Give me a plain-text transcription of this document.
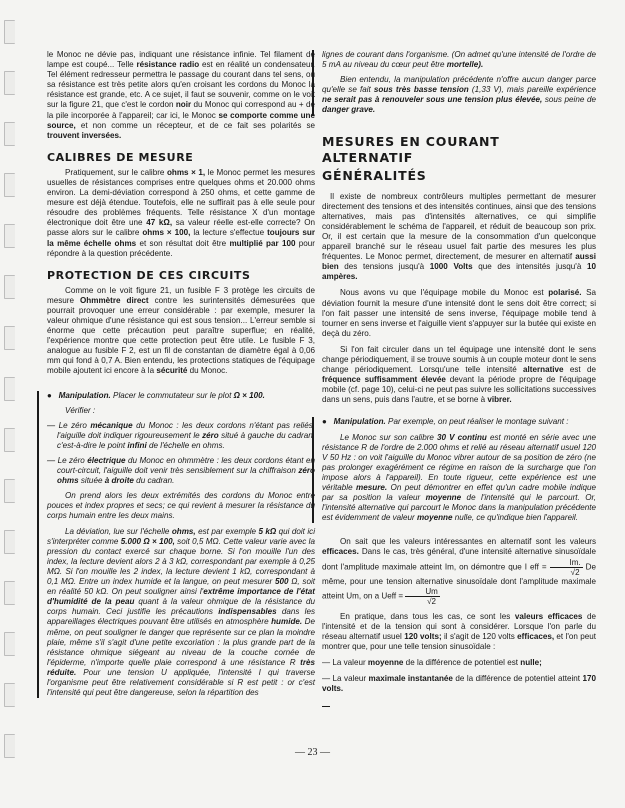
le Monoc ne dévie pas, indiquant une résistance infinie. Tel filament de lampe est coupé... Telle résistance radio est en réalité un condensateur. Tel élément redresseur permettra le passage du courant dans tel sens, où sa résistance est très petite alors qu'en croisant les cordons du Monoc la résistance est grande, etc. A ce sujet, il faut se souvenir, comme on le voit sur la figure 21, que c'est le cordon noir du Monoc qui correspond au + de la pile incorporée à l'appareil; car ici, le Monoc se comporte comme une source, et non comme un récepteur, et de ce fait ses polarités se trouvent inversées.

CALIBRES DE MESURE

Pratiquement, sur le calibre ohms × 1, le Monoc permet les mesures usuelles de résistances comprises entre quelques ohms et 20.000 ohms environ. La demi-déviation correspond à 250 ohms, et cette gamme de mesure est déjà étendue. Toutefois, elle ne suffirait pas à elle seule pour résoudre des problèmes fréquents. Telle résistance X d'un montage électronique doit être une 47 kΩ, sa valeur réelle est-elle correcte? On passe alors sur le calibre ohms × 100, la lecture s'effectue toujours sur la même échelle ohms et son résultat doit être multiplié par 100 pour répondre à la question précédente.

PROTECTION DE CES CIRCUITS

Comme on le voit figure 21, un fusible F 3 protège les circuits de mesure Ohmmètre direct contre les surintensités démesurées que pourrait provoquer une erreur considérable : par exemple, mesurer la valeur ohmique d'une résistance qui est sous tension... L'erreur semble si énorme que cette précaution peut paraître superflue; en réalité, l'expérience montre que cette protection peut être utile. Le fusible F 3, analogue au fusible F 2, est un fil de constantan de diamètre égal à 0,06 mm qui fond à 0,7 A. Bien entendu, les protections statiques de l'équipage mobile ajoutent ici encore à la sécurité du Monoc.

● Manipulation. Placer le commutateur sur le plot Ω × 100.

Vérifier :

— Le zéro mécanique du Monoc : les deux cordons n'étant pas reliés, l'aiguille doit indiquer rigoureusement le zéro situé à gauche du cadran, c'est-à-dire le point infini de l'échelle en ohms.

— Le zéro électrique du Monoc en ohmmètre : les deux cordons étant en court-circuit, l'aiguille doit venir très sensiblement sur la chiffraison zéro ohms située à droite du cadran.

On prend alors les deux extrémités des cordons du Monoc entre pouces et index propres et secs; ce qui revient à mesurer la résistance du corps humain entre les deux mains.

La déviation, lue sur l'échelle ohms, est par exemple 5 kΩ qui doit ici s'interpréter comme 5.000 Ω × 100, soit 0,5 MΩ. Cette valeur varie avec la pression du contact exercé sur chaque borne. Si l'on mouille l'un des index, la lecture devient alors 2 à 3 kΩ, correspondant par exemple à 0,25 MΩ. Si l'on mouille les 2 index, la lecture devient 1 kΩ, correspondant à 0,1 MΩ. Entre un index humide et la langue, on peut mesurer 500 Ω, soit en réalité 50 kΩ. On peut souligner ainsi l'extrême importance de l'état d'humidité de la peau quant à la valeur ohmique de la résistance du corps humain. Ceci justifie les précautions indispensables dans les appareillages électriques pouvant être utilisés en atmosphère humide. De même, on peut souligner le danger que représente sur ce plan la moindre plaie, même s'il s'agit d'une petite excoriation : la plus grande part de la résistance ohmique siégeant au niveau de la couche cornée de l'épiderme, n'importe quelle plaie correspond à une résistance R très réduite. Pour une tension U appliquée, l'intensité I qui traverse l'organisme peut être relativement considérable si R est petit : or c'est l'intensité qui peut être dangereuse, selon la répartition des

lignes de courant dans l'organisme. (On admet qu'une intensité de l'ordre de 5 mA au niveau du cœur peut être mortelle).

Bien entendu, la manipulation précédente n'offre aucun danger parce qu'elle se fait sous très basse tension (1,33 V), mais pareille expérience ne serait pas à renouveler sous une tension plus élevée, sous peine de danger grave.

MESURES EN COURANT
ALTERNATIF
GÉNÉRALITÉS

Il existe de nombreux contrôleurs multiples permettant de mesurer directement des tensions et des intensités continues, ainsi que des tensions alternatives, mais pas d'intensités alternatives, ce qui simplifie considérablement le schéma de l'appareil, et réduit de beaucoup son prix. Or, il est certain que la mesure de la consommation d'un quelconque appareil branché sur le réseau usuel fait partie des mesures les plus fréquentes. Le Monoc permet, directement, de mesurer en alternatif aussi bien des tensions jusqu'à 1000 Volts que des intensités jusqu'à 10 ampères.

Nous avons vu que l'équipage mobile du Monoc est polarisé. Sa déviation fournit la mesure d'une intensité dont le sens doit être correct; si l'on fait passer une intensité de sens inverse, l'équipage mobile tend à tourner en sens inverse et l'aiguille vient s'appuyer sur la butée qui existe en deçà du zéro.

Si l'on fait circuler dans un tel équipage une intensité dont le sens change périodiquement, il se trouve soumis à un couple moteur dont le sens change périodiquement. Lorsqu'une telle intensité alternative est de fréquence suffisamment élevée devant la période propre de l'équipage mobile (cf. page 10), celui-ci ne peut pas suivre les sollicitations successives dans un sens, puis dans l'autre, et se borne à vibrer.

● Manipulation. Par exemple, on peut réaliser le montage suivant :

Le Monoc sur son calibre 30 V continu est monté en série avec une résistance R de l'ordre de 2.000 ohms et relié au réseau alternatif usuel 120 V 50 Hz : on voit l'aiguille du Monoc vibrer autour de sa position de zéro (ne pas prolonger exagérément ce régime en raison de la surcharge que l'on impose alors à l'appareil). En toute rigueur, cette expérience est une véritable mesure. On peut démontrer en effet qu'un cadre mobile indique par sa position la valeur moyenne de l'intensité qui le parcourt. Or, l'intensité alternative qui parcourt le Monoc dans la manipulation précédente est évidemment de valeur moyenne nulle, ce qu'indique bien l'appareil.

On sait que les valeurs intéressantes en alternatif sont les valeurs efficaces. Dans le cas, très général, d'une intensité alternative sinusoïdale dont l'amplitude maximale atteint Im, on démontre que I eff = $\frac{Im.}{√2}$ De même, pour une tension alternative sinusoïdale dont l'amplitude maximale atteint Um, on a Ueff = $\frac{Um}{√2}$

En pratique, dans tous les cas, ce sont les valeurs efficaces de l'intensité et de la tension qui sont à considérer. Lorsque l'on parle du réseau alternatif usuel 120 volts; il s'agit de 120 volts efficaces, et l'on peut montrer que, pour une telle tension sinusoïdale :

— La valeur moyenne de la différence de potentiel est nulle;

— La valeur maximale instantanée de la différence de potentiel atteint 170 volts.

— 23 —
